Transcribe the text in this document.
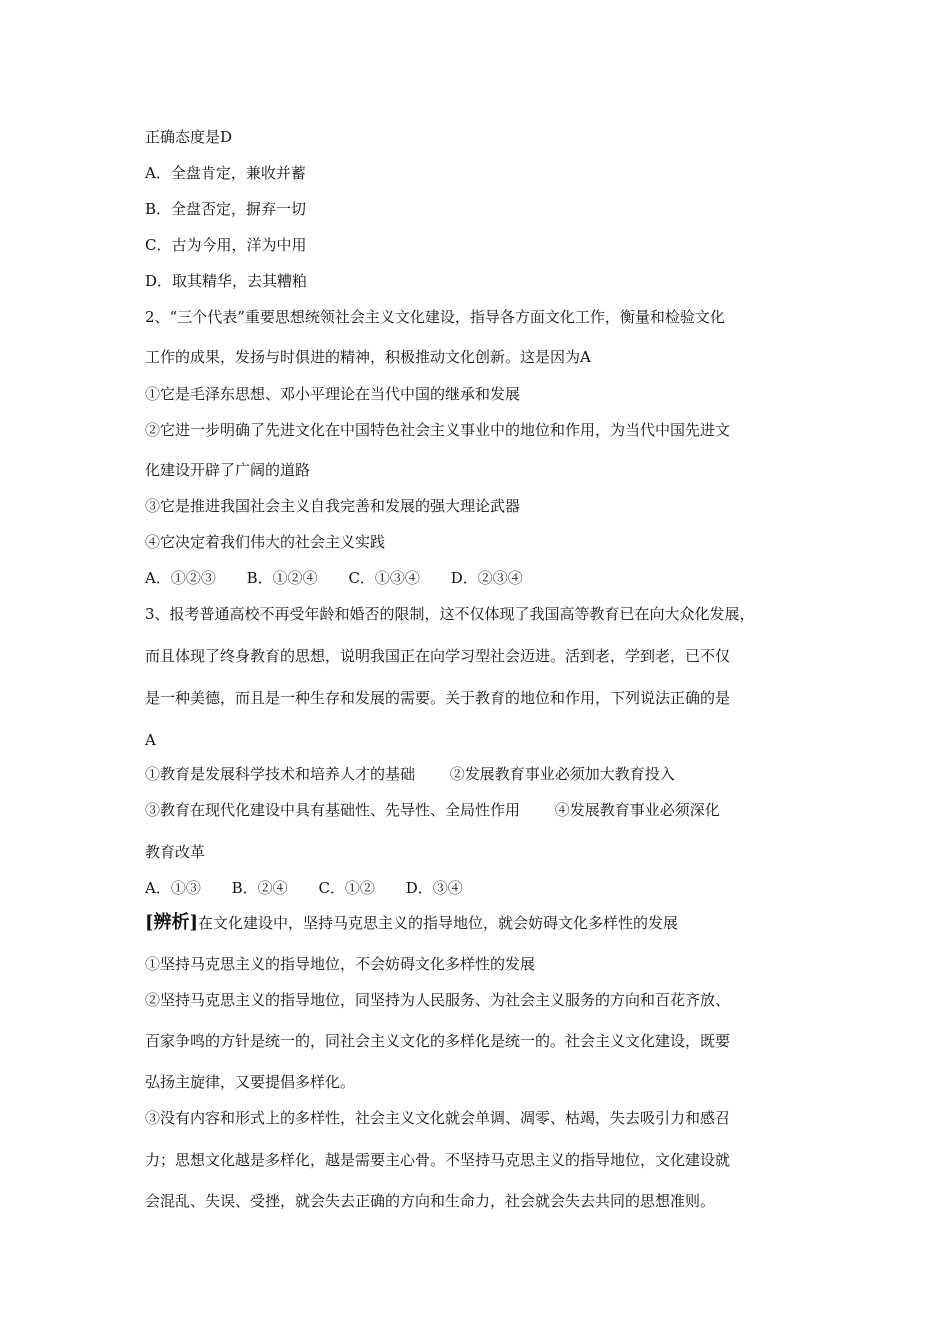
正确态度是D
A．全盘肯定，兼收并蓄
B．全盘否定，摒弃一切
C．古为今用，洋为中用
D．取其精华，去其糟粕
2、“三个代表”重要思想统领社会主义文化建设，指导各方面文化工作，衡量和检验文化
工作的成果，发扬与时俱进的精神，积极推动文化创新。这是因为A
①它是毛泽东思想、邓小平理论在当代中国的继承和发展
②它进一步明确了先进文化在中国特色社会主义事业中的地位和作用，为当代中国先进文
化建设开辟了广阔的道路
③它是推进我国社会主义自我完善和发展的强大理论武器
④它决定着我们伟大的社会主义实践
A．①②③ B．①②④ C．①③④ D．②③④
3、报考普通高校不再受年龄和婚否的限制，这不仅体现了我国高等教育已在向大众化发展，
而且体现了终身教育的思想，说明我国正在向学习型社会迈进。活到老，学到老，已不仅
是一种美德，而且是一种生存和发展的需要。关于教育的地位和作用，下列说法正确的是
A
①教育是发展科学技术和培养人才的基础 ②发展教育事业必须加大教育投入
③教育在现代化建设中具有基础性、先导性、全局性作用 ④发展教育事业必须深化
教育改革
A．①③ B．②④ C．①② D．③④
[辨析]在文化建设中，坚持马克思主义的指导地位，就会妨碍文化多样性的发展
①坚持马克思主义的指导地位，不会妨碍文化多样性的发展
②坚持马克思主义的指导地位，同坚持为人民服务、为社会主义服务的方向和百花齐放、
百家争鸣的方针是统一的，同社会主义文化的多样化是统一的。社会主义文化建设，既要
弘扬主旋律，又要提倡多样化。
③没有内容和形式上的多样性，社会主义文化就会单调、凋零、枯竭，失去吸引力和感召
力；思想文化越是多样化，越是需要主心骨。不坚持马克思主义的指导地位，文化建设就
会混乱、失误、受挫，就会失去正确的方向和生命力，社会就会失去共同的思想准则。
